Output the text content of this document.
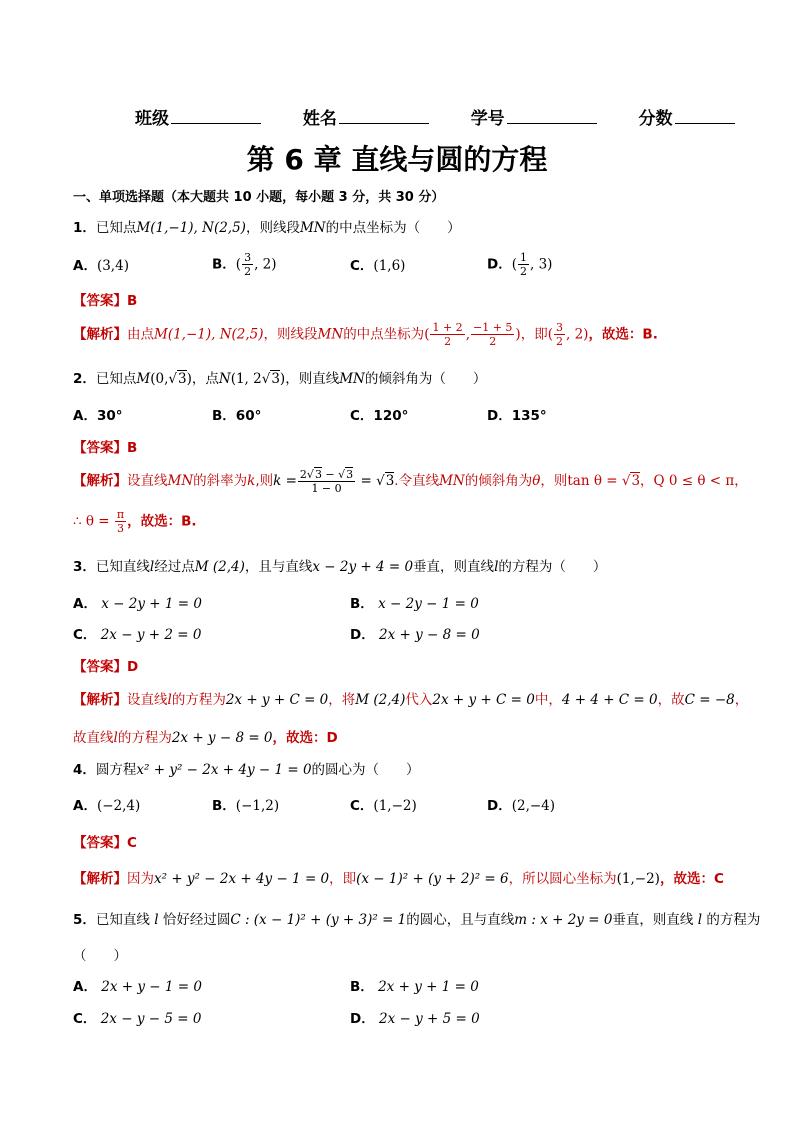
班级	姓名	学号	分数
第 6 章 直线与圆的方程
一、单项选择题（本大题共 10 小题，每小题 3 分，共 30 分）
1．已知点M(1,−1), N(2,5)，则线段MN的中点坐标为（　　）
A．(3,4)	B．( $\frac{3}{2}$ , 2)	C．(1,6)	D．( $\frac{1}{2}$ , 3)
【答案】B
【解析】由点M(1,−1), N(2,5)，则线段MN的中点坐标为( $\frac{1 + 2}{2}$ , $\frac{-1 + 5}{2}$ )，即( $\frac{3}{2}$ , 2)，故选：B.
2．已知点M(0,√3)，点N(1, 2√3)，则直线MN的倾斜角为（　　）
A．30°	B．60°	C．120°	D．135°
【答案】B
【解析】设直线MN的斜率为k,则$k = \frac{2√3 - √3}{1 - 0} = √3$.令直线MN的倾斜角为θ，则tan θ = √3，Q 0 ≤ θ < π，
∴ $\theta = \frac{\pi}{3}$ ，故选：B.
3．已知直线l经过点M (2,4)，且与直线x − 2y + 4 = 0垂直，则直线l的方程为（　　）
A． x − 2y + 1 = 0	B． x − 2y − 1 = 0
C． 2x − y + 2 = 0	D． 2x + y − 8 = 0
【答案】D
【解析】设直线l的方程为2x + y + C = 0，将M (2,4)代入2x + y + C = 0中，4 + 4 + C = 0，故C = −8，
故直线l的方程为2x + y − 8 = 0，故选：D
4．圆方程x² + y² − 2x + 4y − 1 = 0的圆心为（　　）
A．(−2,4)	B．(−1,2)	C．(1,−2)	D．(2,−4)
【答案】C
【解析】因为x² + y² − 2x + 4y − 1 = 0，即(x − 1)² + (y + 2)² = 6，所以圆心坐标为(1,−2)，故选：C
5．已知直线 l 恰好经过圆C : (x − 1)² + (y + 3)² = 1的圆心，且与直线m : x + 2y = 0垂直，则直线 l 的方程为
（　　）
A． 2x + y − 1 = 0	B． 2x + y + 1 = 0
C． 2x − y − 5 = 0	D． 2x − y + 5 = 0
